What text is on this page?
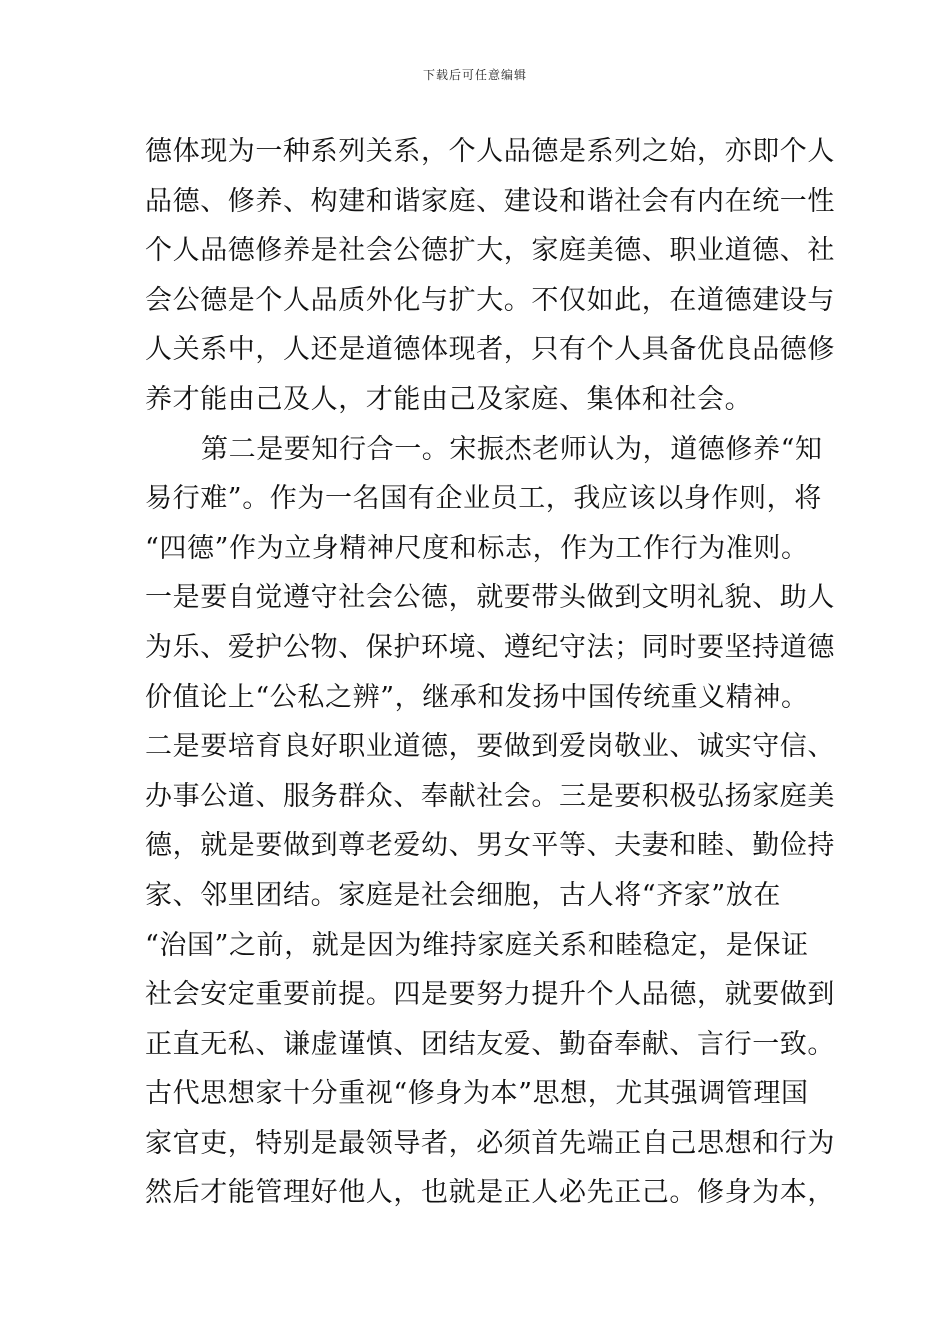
下载后可任意编辑
德体现为一种系列关系，个人品德是系列之始，亦即个人
品德、修养、构建和谐家庭、建设和谐社会有内在统一性
个人品德修养是社会公德扩大，家庭美德、职业道德、社
会公德是个人品质外化与扩大。不仅如此，在道德建设与
人关系中，人还是道德体现者，只有个人具备优良品德修
养才能由己及人，才能由己及家庭、集体和社会。
第二是要知行合一。宋振杰老师认为，道德修养“知
易行难”。作为一名国有企业员工，我应该以身作则，将
“四德”作为立身精神尺度和标志，作为工作行为准则。
一是要自觉遵守社会公德，就要带头做到文明礼貌、助人
为乐、爱护公物、保护环境、遵纪守法；同时要坚持道德
价值论上“公私之辨”，继承和发扬中国传统重义精神。
二是要培育良好职业道德，要做到爱岗敬业、诚实守信、
办事公道、服务群众、奉献社会。三是要积极弘扬家庭美
德，就是要做到尊老爱幼、男女平等、夫妻和睦、勤俭持
家、邻里团结。家庭是社会细胞，古人将“齐家”放在
“治国”之前，就是因为维持家庭关系和睦稳定，是保证
社会安定重要前提。四是要努力提升个人品德，就要做到
正直无私、谦虚谨慎、团结友爱、勤奋奉献、言行一致。
古代思想家十分重视“修身为本”思想，尤其强调管理国
家官吏，特别是最领导者，必须首先端正自己思想和行为
然后才能管理好他人，也就是正人必先正己。修身为本，
